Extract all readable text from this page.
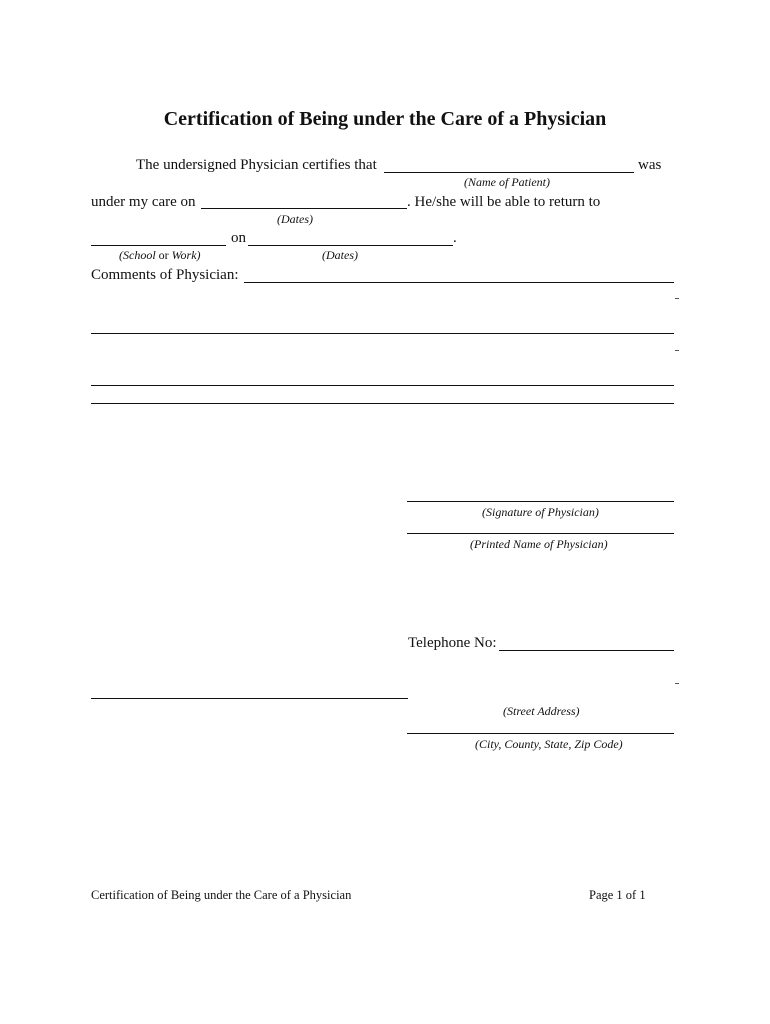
Certification of Being under the Care of a Physician
The undersigned Physician certifies that	was
(Name of Patient)
under my care on	. He/she will be able to return to
(Dates)
on	.
(School or Work)	(Dates)
Comments of Physician:
(Signature of Physician)
(Printed Name of Physician)
Telephone No:
(Street Address)
(City, County, State, Zip Code)
Certification of Being under the Care of a Physician	Page 1 of 1
